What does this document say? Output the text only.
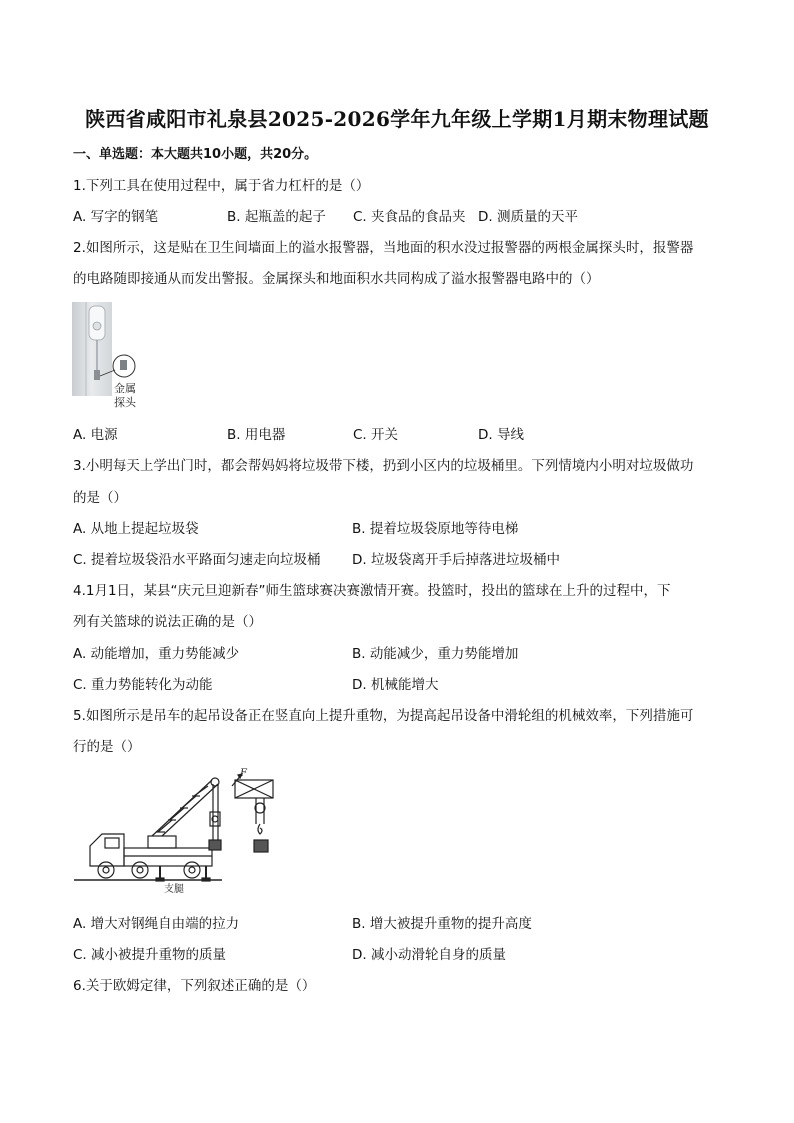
陕西省咸阳市礼泉县2025-2026学年九年级上学期1月期末物理试题
一、单选题：本大题共10小题，共20分。
1.下列工具在使用过程中，属于省力杠杆的是（）
A. 写字的钢笔	B. 起瓶盖的起子 C. 夹食品的食品夹 D. 测质量的天平
2.如图所示，这是贴在卫生间墙面上的溢水报警器，当地面的积水没过报警器的两根金属探头时，报警器
的电路随即接通从而发出警报。金属探头和地面积水共同构成了溢水报警器电路中的（）
金属
探头
A. 电源	B. 用电器	C. 开关	D. 导线
3.小明每天上学出门时，都会帮妈妈将垃圾带下楼，扔到小区内的垃圾桶里。下列情境内小明对垃圾做功
的是（）
A. 从地上提起垃圾袋	B. 提着垃圾袋原地等待电梯
C. 提着垃圾袋沿水平路面匀速走向垃圾桶 D. 垃圾袋离开手后掉落进垃圾桶中
4.1月1日，某县“庆元旦迎新春”师生篮球赛决赛激情开赛。投篮时，投出的篮球在上升的过程中，下
列有关篮球的说法正确的是（）
A. 动能增加，重力势能减少	B. 动能减少，重力势能增加
C. 重力势能转化为动能	D. 机械能增大
5.如图所示是吊车的起吊设备正在竖直向上提升重物，为提高起吊设备中滑轮组的机械效率，下列措施可
行的是（）
F
支腿
A. 增大对钢绳自由端的拉力	B. 增大被提升重物的提升高度
C. 减小被提升重物的质量	D. 减小动滑轮自身的质量
6.关于欧姆定律，下列叙述正确的是（）
